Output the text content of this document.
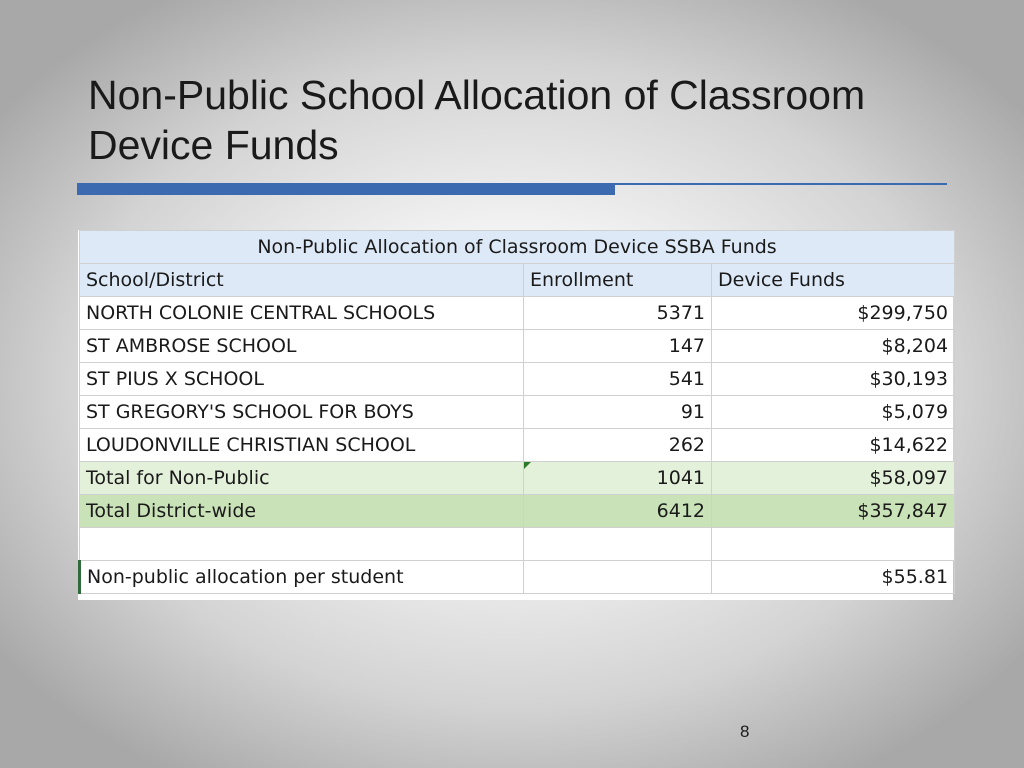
Non-Public School Allocation of Classroom Device Funds
Non-Public Allocation of Classroom Device SSBA Funds		
School/District	Enrollment	Device Funds
NORTH COLONIE CENTRAL SCHOOLS	5371	$299,750
ST AMBROSE SCHOOL	147	$8,204
ST PIUS X SCHOOL	541	$30,193
ST GREGORY'S SCHOOL FOR BOYS	91	$5,079
LOUDONVILLE CHRISTIAN SCHOOL	262	$14,622
Total for Non-Public	1041	$58,097
Total District-wide	6412	$357,847

Non-public allocation per student		$55.81
8
